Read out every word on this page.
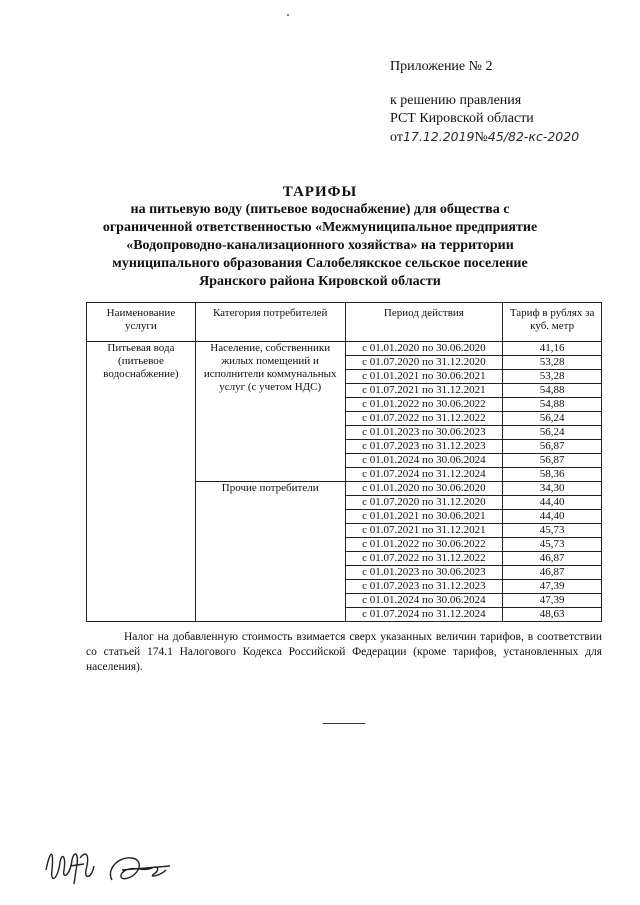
Приложение № 2
к решению правления
РСТ Кировской области
от17.12.2019№45/82-кс-2020
ТАРИФЫ
на питьевую воду (питьевое водоснабжение) для общества с
ограниченной ответственностью «Межмуниципальное предприятие
«Водопроводно-канализационного хозяйства» на территории
муниципального образования Салобелякское сельское поселение
Яранского района Кировской области
Наименование услуги	Категория потребителей	Период действия	Тариф в рублях за куб. метр
Питьевая вода (питьевое водоснабжение)	Население, собственники жилых помещений и исполнители коммунальных услуг (с учетом НДС)	с 01.01.2020 по 30.06.2020	41,16
		с 01.07.2020 по 31.12.2020	53,28
		с 01.01.2021 по 30.06.2021	53,28
		с 01.07.2021 по 31.12.2021	54,88
		с 01.01.2022 по 30.06.2022	54,88
		с 01.07.2022 по 31.12.2022	56,24
		с 01.01.2023 по 30.06.2023	56,24
		с 01.07.2023 по 31.12.2023	56,87
		с 01.01.2024 по 30.06.2024	56,87
		с 01.07.2024 по 31.12.2024	58,36
	Прочие потребители	с 01.01.2020 по 30.06.2020	34,30
		с 01.07.2020 по 31.12.2020	44,40
		с 01.01.2021 по 30.06.2021	44,40
		с 01.07.2021 по 31.12.2021	45,73
		с 01.01.2022 по 30.06.2022	45,73
		с 01.07.2022 по 31.12.2022	46,87
		с 01.01.2023 по 30.06.2023	46,87
		с 01.07.2023 по 31.12.2023	47,39
		с 01.01.2024 по 30.06.2024	47,39
		с 01.07.2024 по 31.12.2024	48,63
Налог на добавленную стоимость взимается сверх указанных величин тарифов, в соответствии со статьей 174.1 Налогового Кодекса Российской Федерации (кроме тарифов, установленных для населения).
